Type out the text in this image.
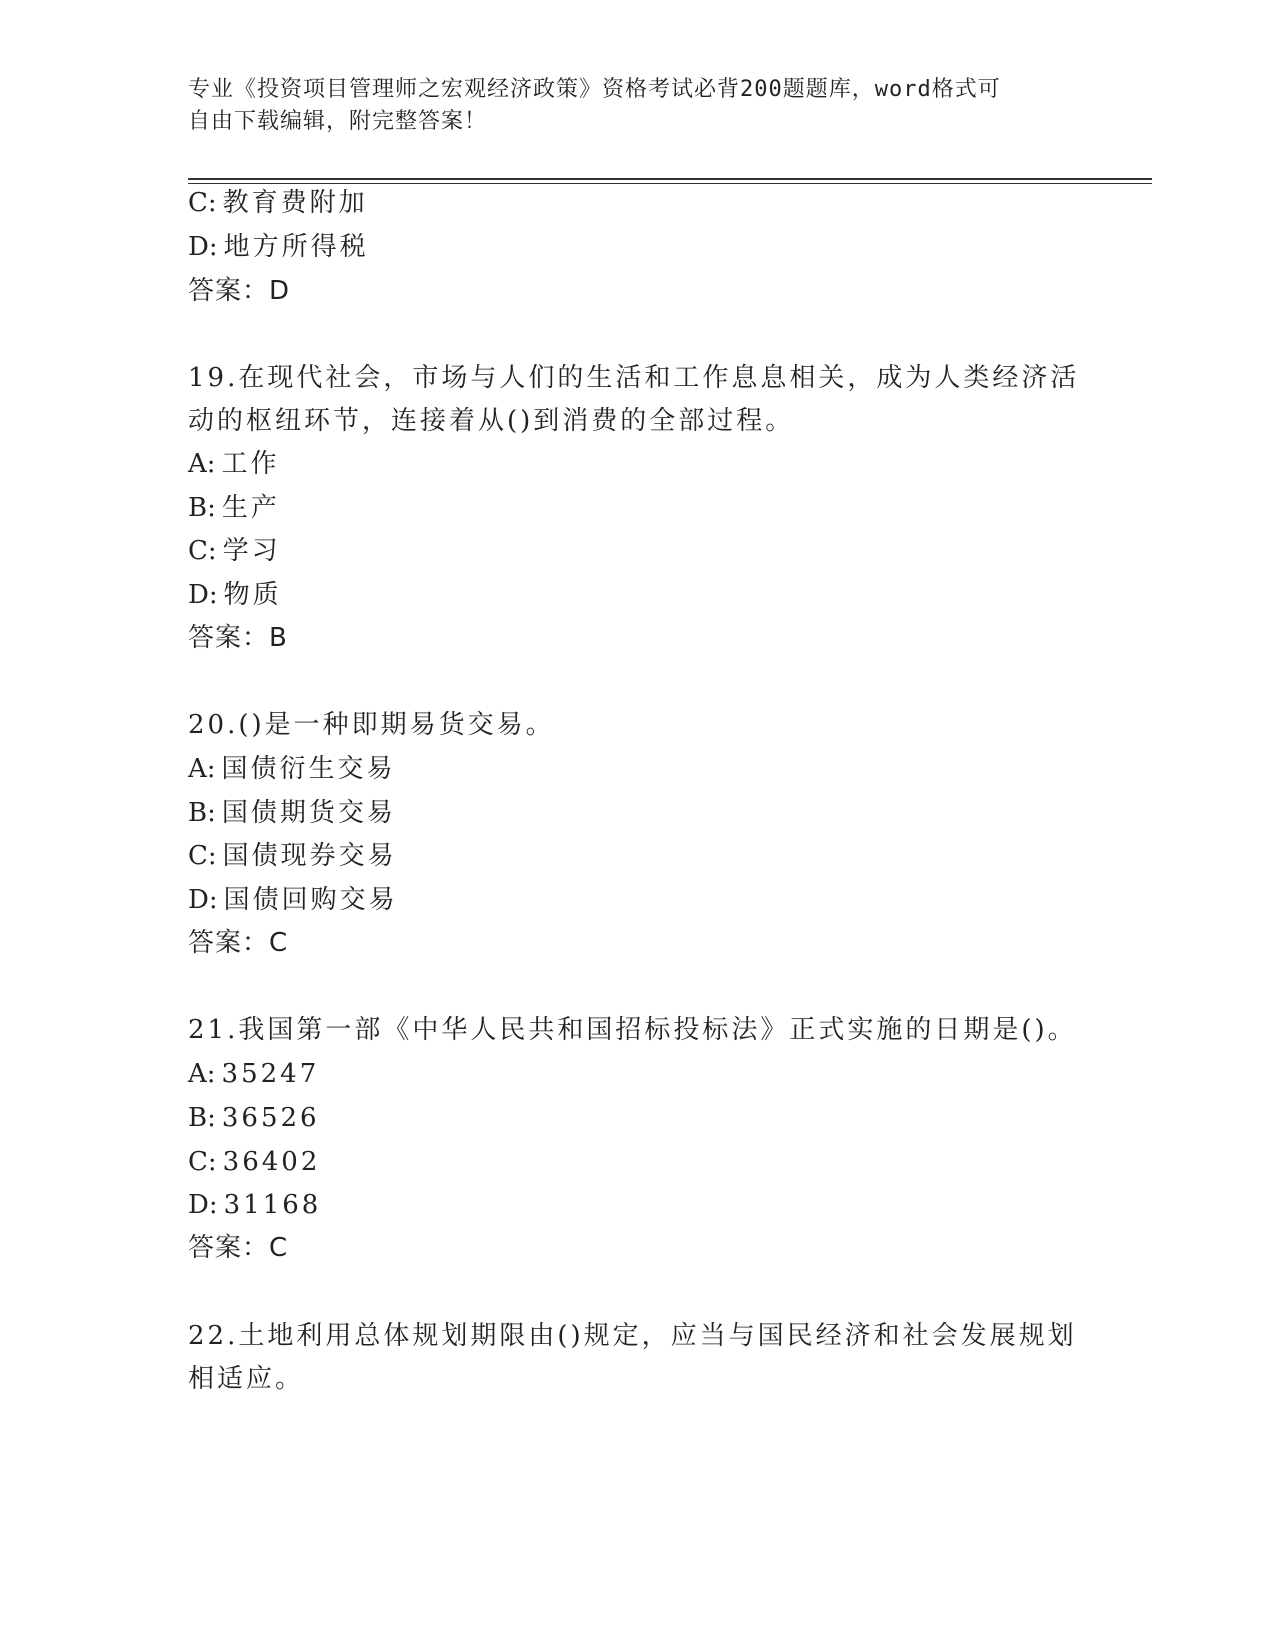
专业《投资项目管理师之宏观经济政策》资格考试必背200题题库，word格式可
自由下载编辑，附完整答案！
C: 教育费附加
D: 地方所得税
答案：D
19.在现代社会，市场与人们的生活和工作息息相关，成为人类经济活
动的枢纽环节，连接着从()到消费的全部过程。
A: 工作
B: 生产
C: 学习
D: 物质
答案：B
20.()是一种即期易货交易。
A: 国债衍生交易
B: 国债期货交易
C: 国债现券交易
D: 国债回购交易
答案：C
21.我国第一部《中华人民共和国招标投标法》正式实施的日期是()。
A: 35247
B: 36526
C: 36402
D: 31168
答案：C
22.土地利用总体规划期限由()规定，应当与国民经济和社会发展规划
相适应。
